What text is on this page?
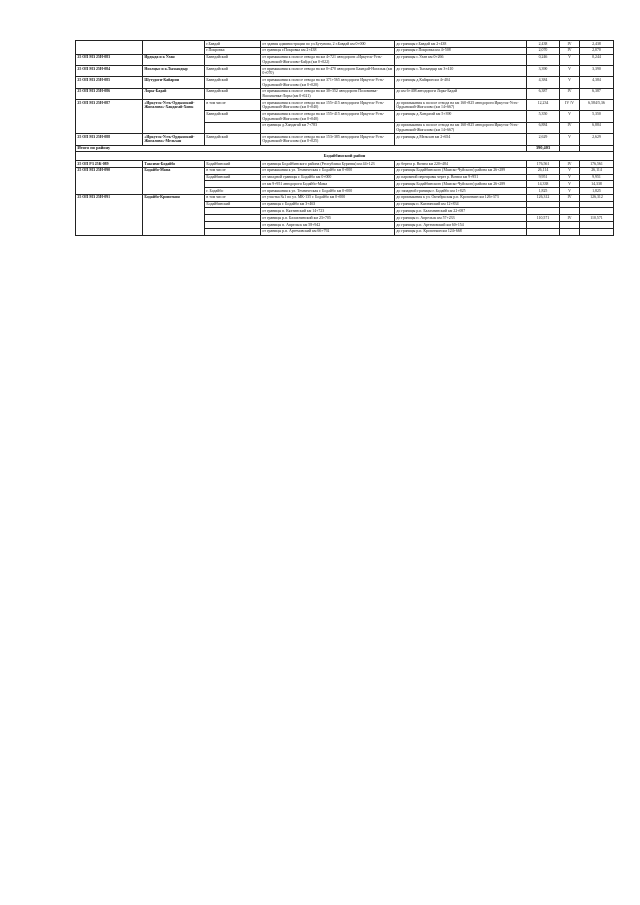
		г.Бавдай	от здания администрации по ул.Бутунова, 2 г.Бавдай км 0+000	до границы г.Бавдай км 2+438	2,438	IV	2,438
		г.Покровка	от границы г.Покровка км 2+438	до границы г.Покровка км 4+508	2,070	IV	2,070
25 ОП МЗ 25Н-083	Ирдыда и к Улан	Бавндайский	от примыкания к полосе отвода на км 4+721 автодороги «Иркутск-Усть-Ордынский-Жигалово-Байда (км 0+022)	до границы с.Улан км 0+266	0,246	V	0,244
25 ОП МЗ 25Н-084	Ноолцыс и к.Тыхындыр	Бавндайский	от примыкания к полосе отвода на км 0+470 автодороги Баяндай-Нагалык (км 0+070)	до границы с.Тыхындыр км 3+410	3,390	V	3,390
25 ОП МЗ 25Н-085	Шутудоги-Кайарин	Бавндайский	от примыкания к полосе отвода на км 371+565 автодороги Иркутск-Усть-Ордынский-Жигалово (км 0+020)	до границы д.Кайарин км 4+404	4,384	V	4,384
25 ОП МЗ 25Н-086	Лоры-Бадай	Бавндайский	от примыкания к полосе отвода на км 30+352 автодороги Половинка-Васильевка-Лоры (км 0+021)	до км 6+408 автодороги Лоры-Бадай	6,387	IV	6,387
25 ОП МЗ 25Н-087	«Иркутск-Усть-Ордынский-Жигалово»-Хандагай-Хоюк	в том числе	от примыкания к полосе отвода на км 155+415 автодороги Иркутск-Усть-Ордынский-Жигалово (км 0+040)	до примыкания к полосе отвода на км 160+825 автодороги Иркутск-Усть-Ордынский-Жигалово (км 14+667)	12,234	IV /V	6,584/5,36
		Бавндайский	от примыкания к полосе отвода на км 155+415 автодороги Иркутск-Усть-Ордынский-Жигалово (км 0+040)	до границы д.Хандагай км 5+390	5,350	V	5,350
			от границы д.Хандагай км 7+783	до примыкания к полосе отвода на км 160+825 автодороги Иркутск-Усть-Ордынский-Жигалово (км 14+667)	6,884	IV	6,884
25 ОП МЗ 25Н-088	«Иркутск-Усть-Ордынский-Жигалово»-Мельхан	Бавндайский	от примыкания к полосе отвода на км 153+385 автодороги Иркутск-Усть-Ордынский-Жигалово (км 0+025)	до границы д.Мельхан км 2+654	2,629	V	2,629
Итого по району					390,403		
Бодайбинский район							
25 ОП РЗ 25К-089	Таксимо-Бодайбо	Бодайбинский	от границы Бодайбинского района (Республика Бурятия) км 44+123	до берега р. Витим км 220+484	176,561	IV	176,561
25 ОП МЗ 25Н-090	Бодайбо-Мама	в том числе	от примыкания к ул. Техническая г. Бодайбо км 0+000	до границы Бодайбинского (Мамско-Чуйского) района км 26+289	26,114	V	26,114
		Бодайбинский	от западной границы г. Бодайбо км 0+000	до паромной переправы через р. Витим км 9+951	9,951	V	9,951
			от км 9+951 автодороги Бодайбо-Мама	до границы Бодайбинского (Мамско-Чуйского) района км 26+289	14,338	V	14,338
		г. Бодайбо	от примыкания к ул. Техническая г. Бодайбо км 0+000	до западной границы г. Бодайбо км 1+825	1,825	V	1,825
25 ОП МЗ 25Н-091	Бодайбо-Кропоткин	в том числе	от участка №1 по ул. МК-135 г. Бодайбо км 0+000	до примыкания к ул. Октябрьская р.п. Кропоткин км 126+373	126,312	IV	126,312
		Бодайбинский	от границы г. Бодайбо км 3+463	до границы п. Кяхтинский км 12+834			
			от границы п. Кяхтинский км 14+723	до границы р.п. Балахнинский км 22+087			
			от границы р.п. Балахнинский км 23+705	до границы п. Апрельск км 57+233	110,571	IV	110,571
			от границы п. Апрельск км 58+942	до границы р.п. Артемовский км 60+154			
			от границы р.п. Артемовский км 66+792	до границы р.п. Кропоткин км 124+668			
